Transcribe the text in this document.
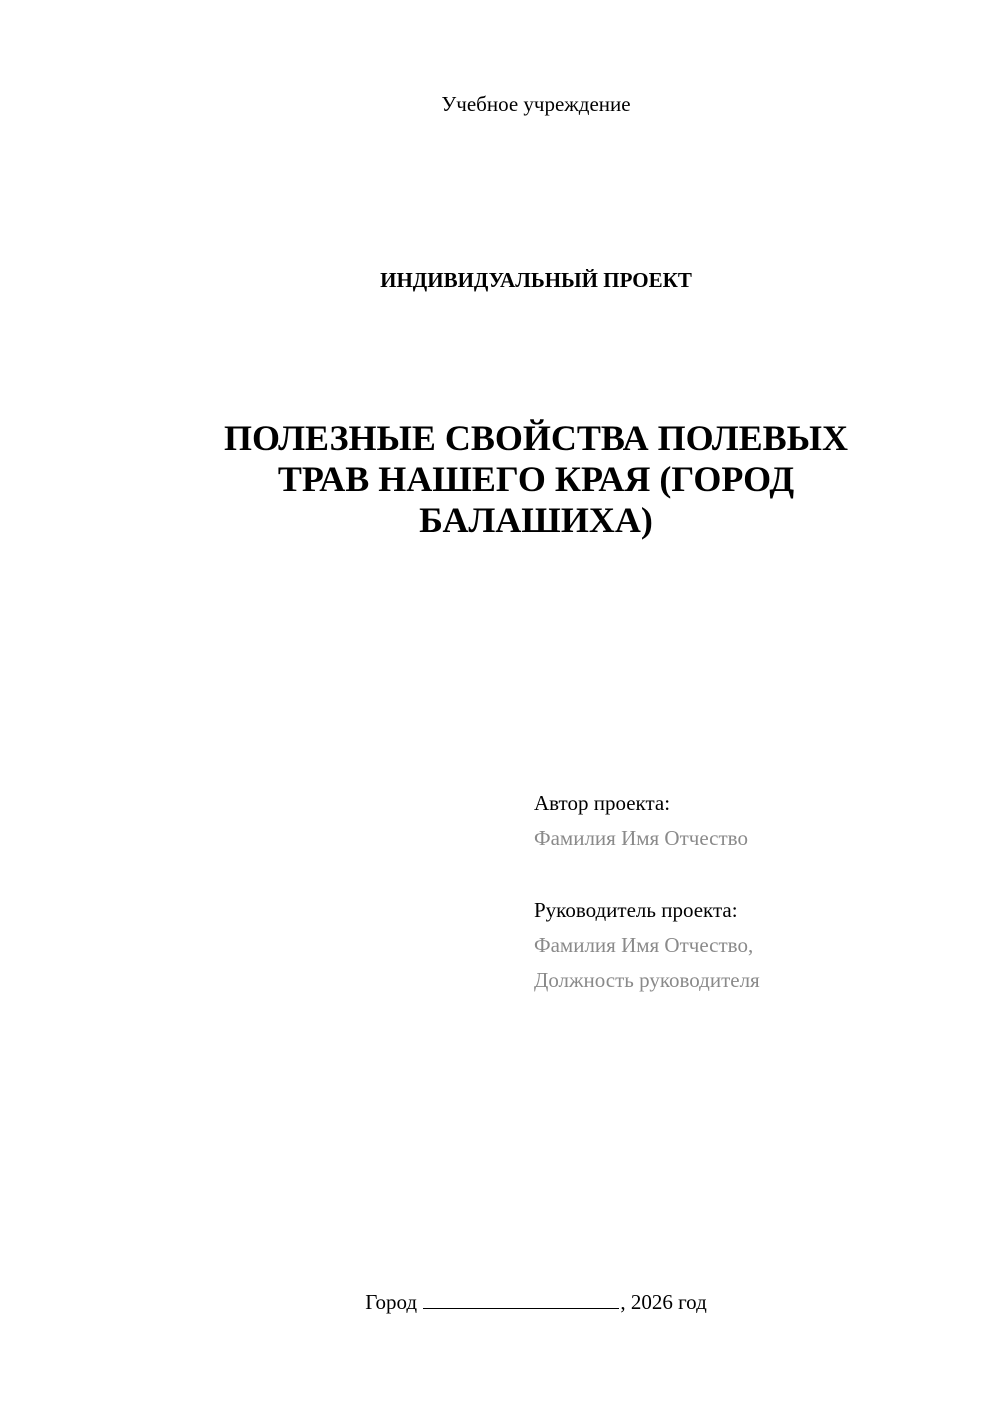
Учебное учреждение
ИНДИВИДУАЛЬНЫЙ ПРОЕКТ
ПОЛЕЗНЫЕ СВОЙСТВА ПОЛЕВЫХ
ТРАВ НАШЕГО КРАЯ (ГОРОД
БАЛАШИХА)
Автор проекта:
Фамилия Имя Отчество
Руководитель проекта:
Фамилия Имя Отчество,
Должность руководителя
Город	, 2026 год
